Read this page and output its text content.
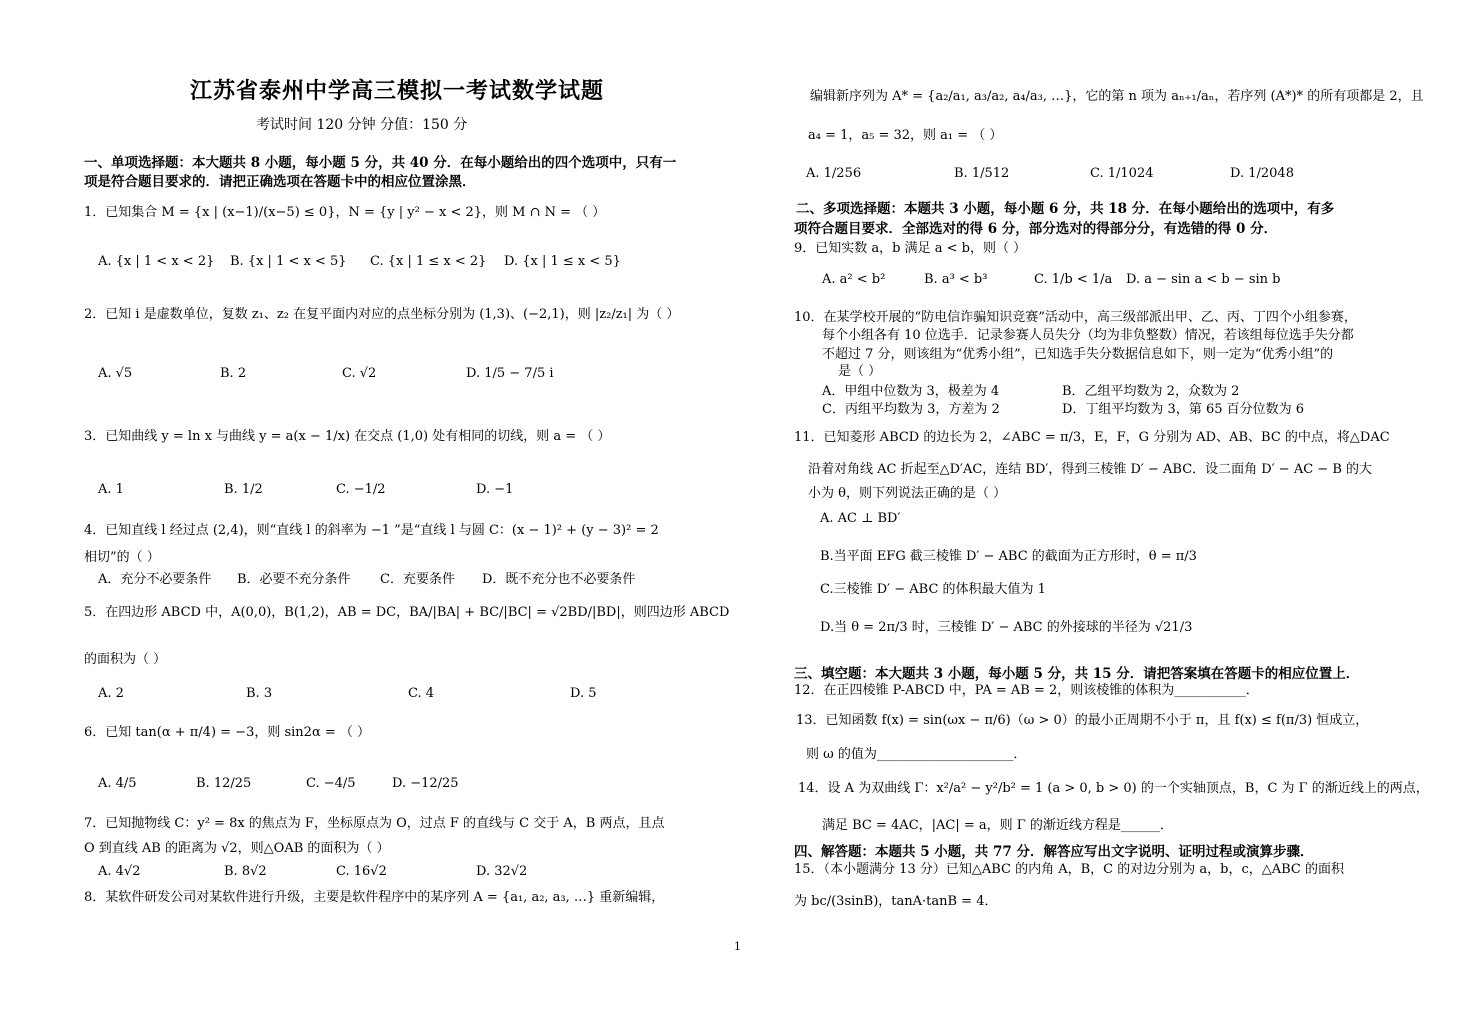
江苏省泰州中学高三模拟一考试数学试题
考试时间 120 分钟 分值：150 分
一、单项选择题：本大题共 8 小题，每小题 5 分，共 40 分．在每小题给出的四个选项中，只有一
项是符合题目要求的．请把正确选项在答题卡中的相应位置涂黑．
1．已知集合 M = {x | (x−1)/(x−5) ≤ 0}，N = {y | y² − x < 2}，则 M ∩ N = （ ）
A. {x | 1 < x < 2} B. {x | 1 < x < 5} C. {x | 1 ≤ x < 2} D. {x | 1 ≤ x < 5}
2．已知 i 是虚数单位，复数 z₁、z₂ 在复平面内对应的点坐标分别为 (1,3)、(−2,1)，则 |z₂/z₁| 为（ ）
A. √5	B. 2	C. √2	D. 1/5 − 7/5 i
3．已知曲线 y = ln x 与曲线 y = a(x − 1/x) 在交点 (1,0) 处有相同的切线，则 a = （ ）
A. 1	B. 1/2	C. −1/2	D. −1
4．已知直线 l 经过点 (2,4)，则“直线 l 的斜率为 −1 ”是“直线 l 与圆 C：(x − 1)² + (y − 3)² = 2
相切”的（ ）
A．充分不必要条件 B．必要不充分条件 C．充要条件 D．既不充分也不必要条件
5．在四边形 ABCD 中，A(0,0)，B(1,2)，AB = DC，BA/|BA| + BC/|BC| = √2BD/|BD|，则四边形 ABCD
的面积为（ ）
A. 2	B. 3	C. 4	D. 5
6．已知 tan(α + π/4) = −3，则 sin2α = （ ）
A. 4/5	B. 12/25	C. −4/5	D. −12/25
7．已知抛物线 C：y² = 8x 的焦点为 F，坐标原点为 O，过点 F 的直线与 C 交于 A，B 两点，且点
O 到直线 AB 的距离为 √2，则△OAB 的面积为（ ）
A. 4√2	B. 8√2	C. 16√2	D. 32√2
8．某软件研发公司对某软件进行升级，主要是软件程序中的某序列 A = {a₁, a₂, a₃, …} 重新编辑，
编辑新序列为 A* = {a₂/a₁, a₃/a₂, a₄/a₃, …}，它的第 n 项为 aₙ₊₁/aₙ，若序列 (A*)* 的所有项都是 2，且
a₄ = 1，a₅ = 32，则 a₁ = （ ）
A. 1/256	B. 1/512	C. 1/1024	D. 1/2048
二、多项选择题：本题共 3 小题，每小题 6 分，共 18 分．在每小题给出的选项中，有多
项符合题目要求．全部选对的得 6 分，部分选对的得部分分，有选错的得 0 分．
9．已知实数 a，b 满足 a < b，则（ ）
A. a² < b²	B. a³ < b³	C. 1/b < 1/a D. a − sin a < b − sin b
10．在某学校开展的“防电信诈骗知识竞赛”活动中，高三级部派出甲、乙、丙、丁四个小组参赛，
每个小组各有 10 位选手．记录参赛人员失分（均为非负整数）情况，若该组每位选手失分都
不超过 7 分，则该组为“优秀小组”，已知选手失分数据信息如下，则一定为“优秀小组”的
是（ ）
A．甲组中位数为 3，极差为 4	B．乙组平均数为 2，众数为 2
C．丙组平均数为 3，方差为 2	D．丁组平均数为 3，第 65 百分位数为 6
11．已知菱形 ABCD 的边长为 2，∠ABC = π/3，E，F，G 分别为 AD、AB、BC 的中点，将△DAC
沿着对角线 AC 折起至△D′AC，连结 BD′，得到三棱锥 D′ − ABC．设二面角 D′ − AC − B 的大
小为 θ，则下列说法正确的是（ ）
A. AC ⊥ BD′
B.当平面 EFG 截三棱锥 D′ − ABC 的截面为正方形时，θ = π/3
C.三棱锥 D′ − ABC 的体积最大值为 1
D.当 θ = 2π/3 时，三棱锥 D′ − ABC 的外接球的半径为 √21/3
三、填空题：本大题共 3 小题，每小题 5 分，共 15 分．请把答案填在答题卡的相应位置上．
12．在正四棱锥 P-ABCD 中，PA = AB = 2，则该棱锥的体积为___________．
13．已知函数 f(x) = sin(ωx − π/6)（ω > 0）的最小正周期不小于 π，且 f(x) ≤ f(π/3) 恒成立，
则 ω 的值为_____________________．
14．设 A 为双曲线 Γ：x²/a² − y²/b² = 1 (a > 0, b > 0) 的一个实轴顶点，B，C 为 Γ 的渐近线上的两点，
满足 BC = 4AC，|AC| = a，则 Γ 的渐近线方程是______．
四、解答题：本题共 5 小题，共 77 分．解答应写出文字说明、证明过程或演算步骤．
15．（本小题满分 13 分）已知△ABC 的内角 A，B，C 的对边分别为 a，b，c，△ABC 的面积
为 bc/(3sinB)，tanA·tanB = 4．
1
